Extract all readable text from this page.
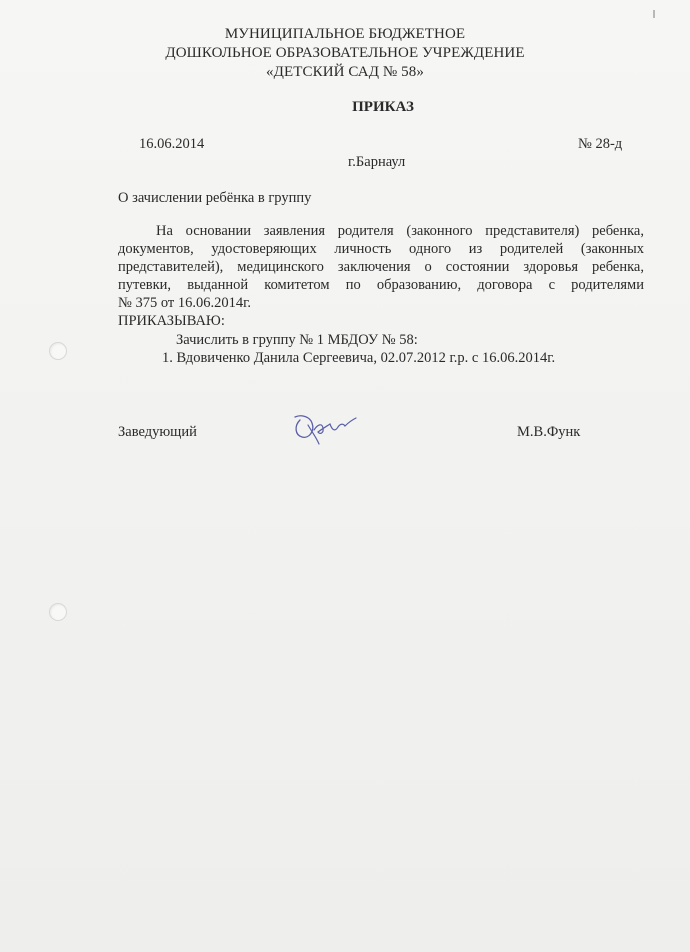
МУНИЦИПАЛЬНОЕ БЮДЖЕТНОЕ
ДОШКОЛЬНОЕ ОБРАЗОВАТЕЛЬНОЕ УЧРЕЖДЕНИЕ
«ДЕТСКИЙ САД № 58»
ПРИКАЗ
16.06.2014	№ 28-д
г.Барнаул
О зачислении ребёнка в группу
На основании заявления родителя (законного представителя) ребенка,
документов, удостоверяющих личность одного из родителей (законных
представителей), медицинского заключения о состоянии здоровья ребенка,
путевки, выданной комитетом по образованию, договора с родителями
№ 375 от 16.06.2014г.
ПРИКАЗЫВАЮ:
Зачислить в группу № 1 МБДОУ № 58:
1. Вдовиченко Данила Сергеевича, 02.07.2012 г.р. с 16.06.2014г.
Заведующий	М.В.Функ
